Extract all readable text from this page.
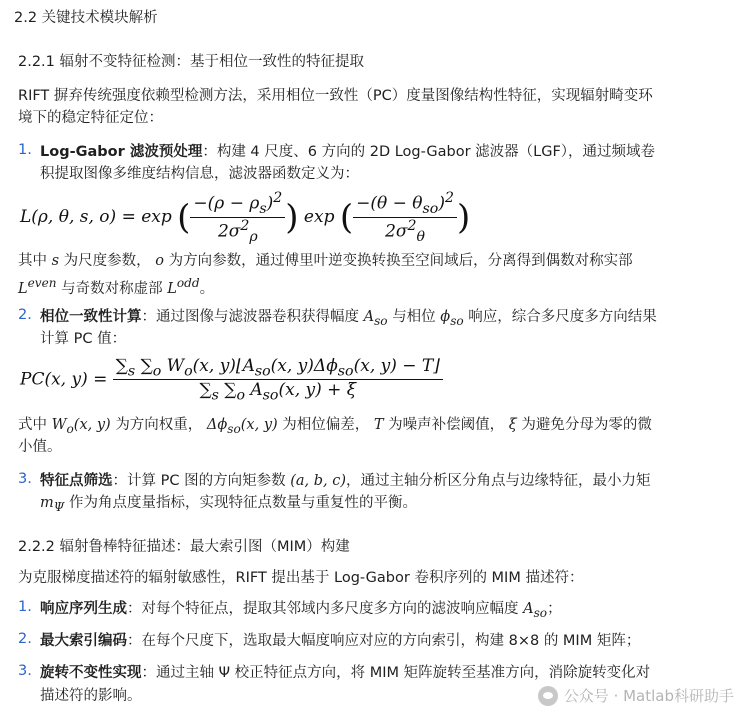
2.2 关键技术模块解析
2.2.1 辐射不变特征检测：基于相位一致性的特征提取
RIFT 摒弃传统强度依赖型检测方法，采用相位一致性（PC）度量图像结构性特征，实现辐射畸变环
境下的稳定特征定位：
1. Log-Gabor 滤波预处理：构建 4 尺度、6 方向的 2D Log-Gabor 滤波器（LGF），通过频域卷
积提取图像多维度结构信息，滤波器函数定义为：
L(ρ, θ, s, o) = exp ( $\frac{-(\rho - \rho_s)^2}{2\sigma^2_\rho}$ ) exp ( $\frac{-(\theta - \theta_{so})^2}{2\sigma^2_\theta}$ )
其中 s 为尺度参数， o 为方向参数，通过傅里叶逆变换转换至空间域后，分离得到偶数对称实部
$L^{even}$ 与奇数对称虚部 $L^{odd}$。
2. 相位一致性计算：通过图像与滤波器卷积获得幅度 $A_{so}$ 与相位 $\phi_{so}$ 响应，综合多尺度多方向结果
计算 PC 值：
PC(x, $y) = \frac{\sum_s \sum_o W_o(x, y)⌊A_{so}(x, y)\Delta\phi_{so}(x, y) - T⌋}{\sum_s \sum_o A_{so}(x, y) + \xi}$
式中 $W_o(x$, y) 为方向权重， $\Delta\phi_{so}(x$, y) 为相位偏差， T 为噪声补偿阈值， ξ 为避免分母为零的微
小值。
3. 特征点筛选：计算 PC 图的方向矩参数 (a, b, c)，通过主轴分析区分角点与边缘特征，最小力矩
$m_\Psi$ 作为角点度量指标，实现特征点数量与重复性的平衡。
2.2.2 辐射鲁棒特征描述：最大索引图（MIM）构建
为克服梯度描述符的辐射敏感性，RIFT 提出基于 Log-Gabor 卷积序列的 MIM 描述符：
1. 响应序列生成：对每个特征点，提取其邻域内多尺度多方向的滤波响应幅度 $A_{so}$；
2. 最大索引编码：在每个尺度下，选取最大幅度响应对应的方向索引，构建 8×8 的 MIM 矩阵；
3. 旋转不变性实现：通过主轴 Ψ 校正特征点方向，将 MIM 矩阵旋转至基准方向，消除旋转变化对
描述符的影响。	公众号 · Matlab科研助手
